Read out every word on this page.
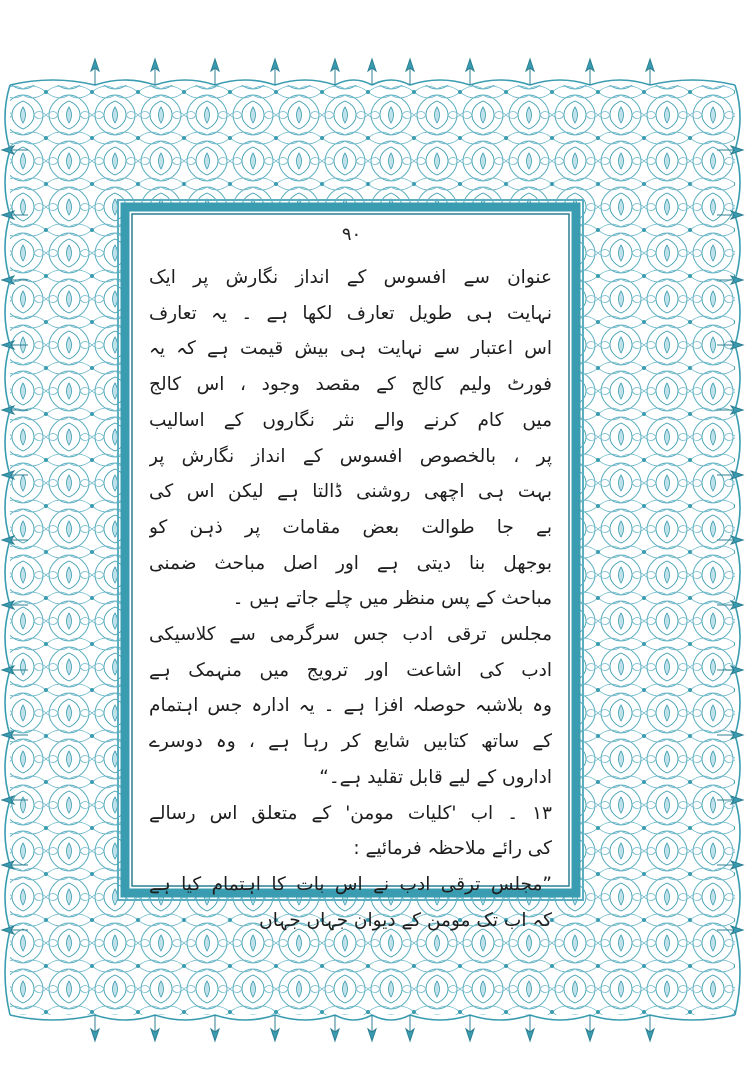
۹۰
عنوان سے افسوس کے انداز نگارش پر ایک
نہایت ہی طویل تعارف لکھا ہے ۔ یہ تعارف
اس اعتبار سے نہایت ہی بیش قیمت ہے کہ یہ
فورٹ ولیم کالج کے مقصد وجود ، اس کالج
میں کام کرنے والے نثر نگاروں کے اسالیب
پر ، بالخصوص افسوس کے انداز نگارش پر
بہت ہی اچھی روشنی ڈالتا ہے لیکن اس کی
بے جا طوالت بعض مقامات پر ذہن کو
بوجھل بنا دیتی ہے اور اصل مباحث ضمنی
مباحث کے پس منظر میں چلے جاتے ہیں ۔
مجلس ترقی ادب جس سرگرمی سے کلاسیکی
ادب کی اشاعت اور ترویج میں منہمک ہے
وہ بلاشبہ حوصلہ افزا ہے ۔ یہ ادارہ جس اہتمام
کے ساتھ کتابیں شایع کر رہا ہے ، وہ دوسرے
اداروں کے لیے قابل تقلید ہے۔“
۱۳ ۔ اب 'کلیات مومن' کے متعلق اس رسالے
کی رائے ملاحظہ فرمائیے :
”مجلس ترقی ادب نے اس بات کا اہتمام کیا ہے
کہ اب تک مومن کے دیوان جہاں جہاں
